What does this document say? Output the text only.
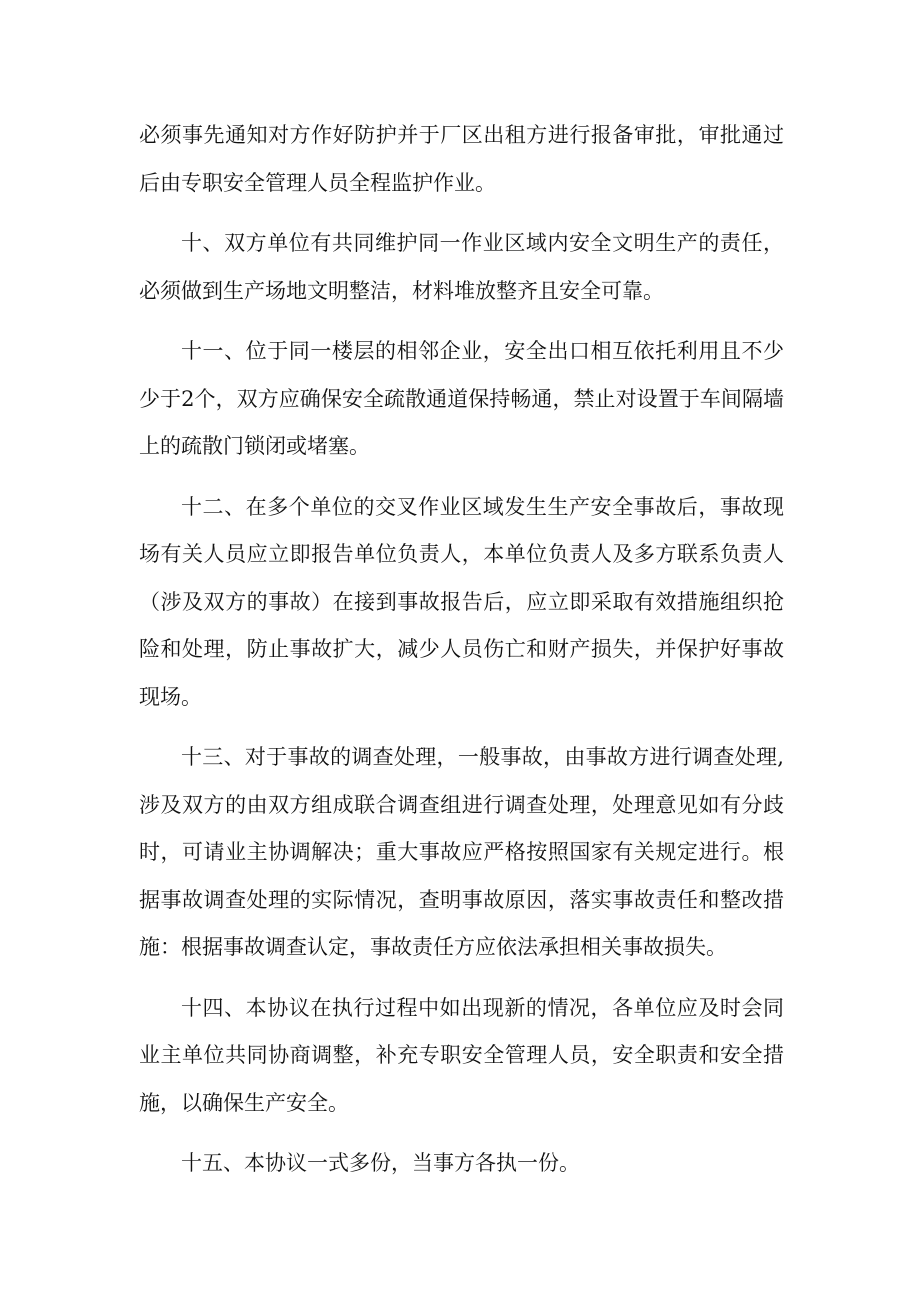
必须事先通知对方作好防护并于厂区出租方进行报备审批，审批通过后由专职安全管理人员全程监护作业。

十、双方单位有共同维护同一作业区域内安全文明生产的责任，必须做到生产场地文明整洁，材料堆放整齐且安全可靠。

十一、位于同一楼层的相邻企业，安全出口相互依托利用且不少少于2个，双方应确保安全疏散通道保持畅通，禁止对设置于车间隔墙上的疏散门锁闭或堵塞。

十二、在多个单位的交叉作业区域发生生产安全事故后，事故现场有关人员应立即报告单位负责人，本单位负责人及多方联系负责人（涉及双方的事故）在接到事故报告后，应立即采取有效措施组织抢险和处理，防止事故扩大，减少人员伤亡和财产损失，并保护好事故现场。

十三、对于事故的调查处理，一般事故，由事故方进行调查处理,涉及双方的由双方组成联合调查组进行调查处理，处理意见如有分歧时，可请业主协调解决；重大事故应严格按照国家有关规定进行。根据事故调查处理的实际情况，查明事故原因，落实事故责任和整改措施：根据事故调查认定，事故责任方应依法承担相关事故损失。

十四、本协议在执行过程中如出现新的情况，各单位应及时会同业主单位共同协商调整，补充专职安全管理人员，安全职责和安全措施，以确保生产安全。

十五、本协议一式多份，当事方各执一份。
